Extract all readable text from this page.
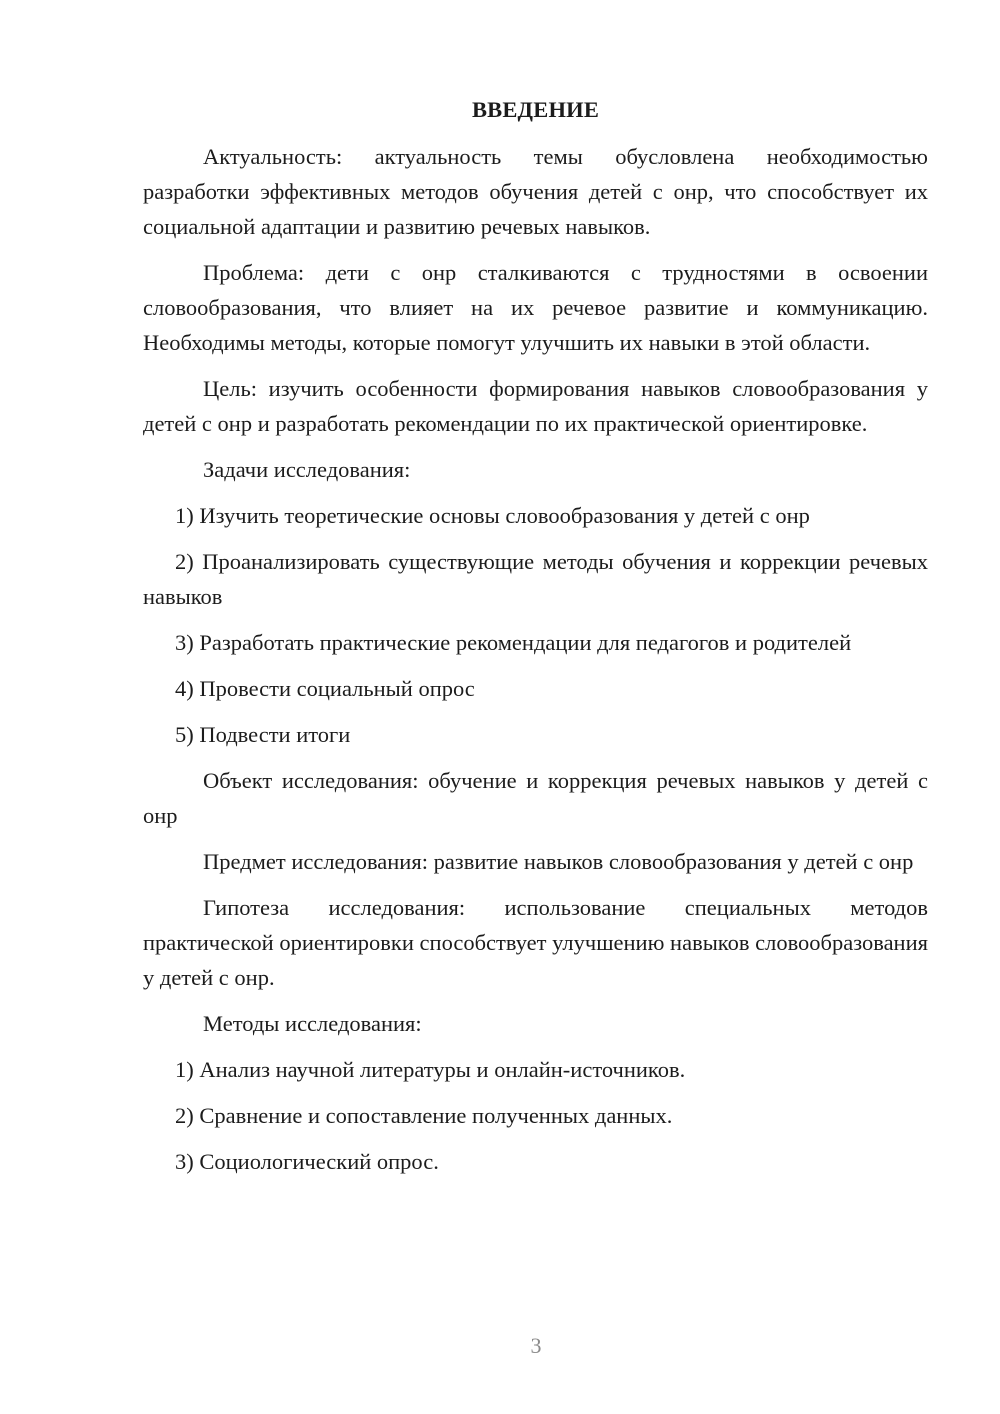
ВВЕДЕНИЕ

Актуальность: актуальность темы обусловлена необходимостью разработки эффективных методов обучения детей с онр, что способствует их социальной адаптации и развитию речевых навыков.

Проблема: дети с онр сталкиваются с трудностями в освоении словообразования, что влияет на их речевое развитие и коммуникацию. Необходимы методы, которые помогут улучшить их навыки в этой области.

Цель: изучить особенности формирования навыков словообразования у детей с онр и разработать рекомендации по их практической ориентировке.

Задачи исследования:

1) Изучить теоретические основы словообразования у детей с онр

2) Проанализировать существующие методы обучения и коррекции речевых навыков

3) Разработать практические рекомендации для педагогов и родителей

4) Провести социальный опрос

5) Подвести итоги

Объект исследования: обучение и коррекция речевых навыков у детей с онр

Предмет исследования: развитие навыков словообразования у детей с онр

Гипотеза исследования: использование специальных методов практической ориентировки способствует улучшению навыков словообразования у детей с онр.

Методы исследования:

1) Анализ научной литературы и онлайн-источников.

2) Сравнение и сопоставление полученных данных.

3) Социологический опрос.

3
